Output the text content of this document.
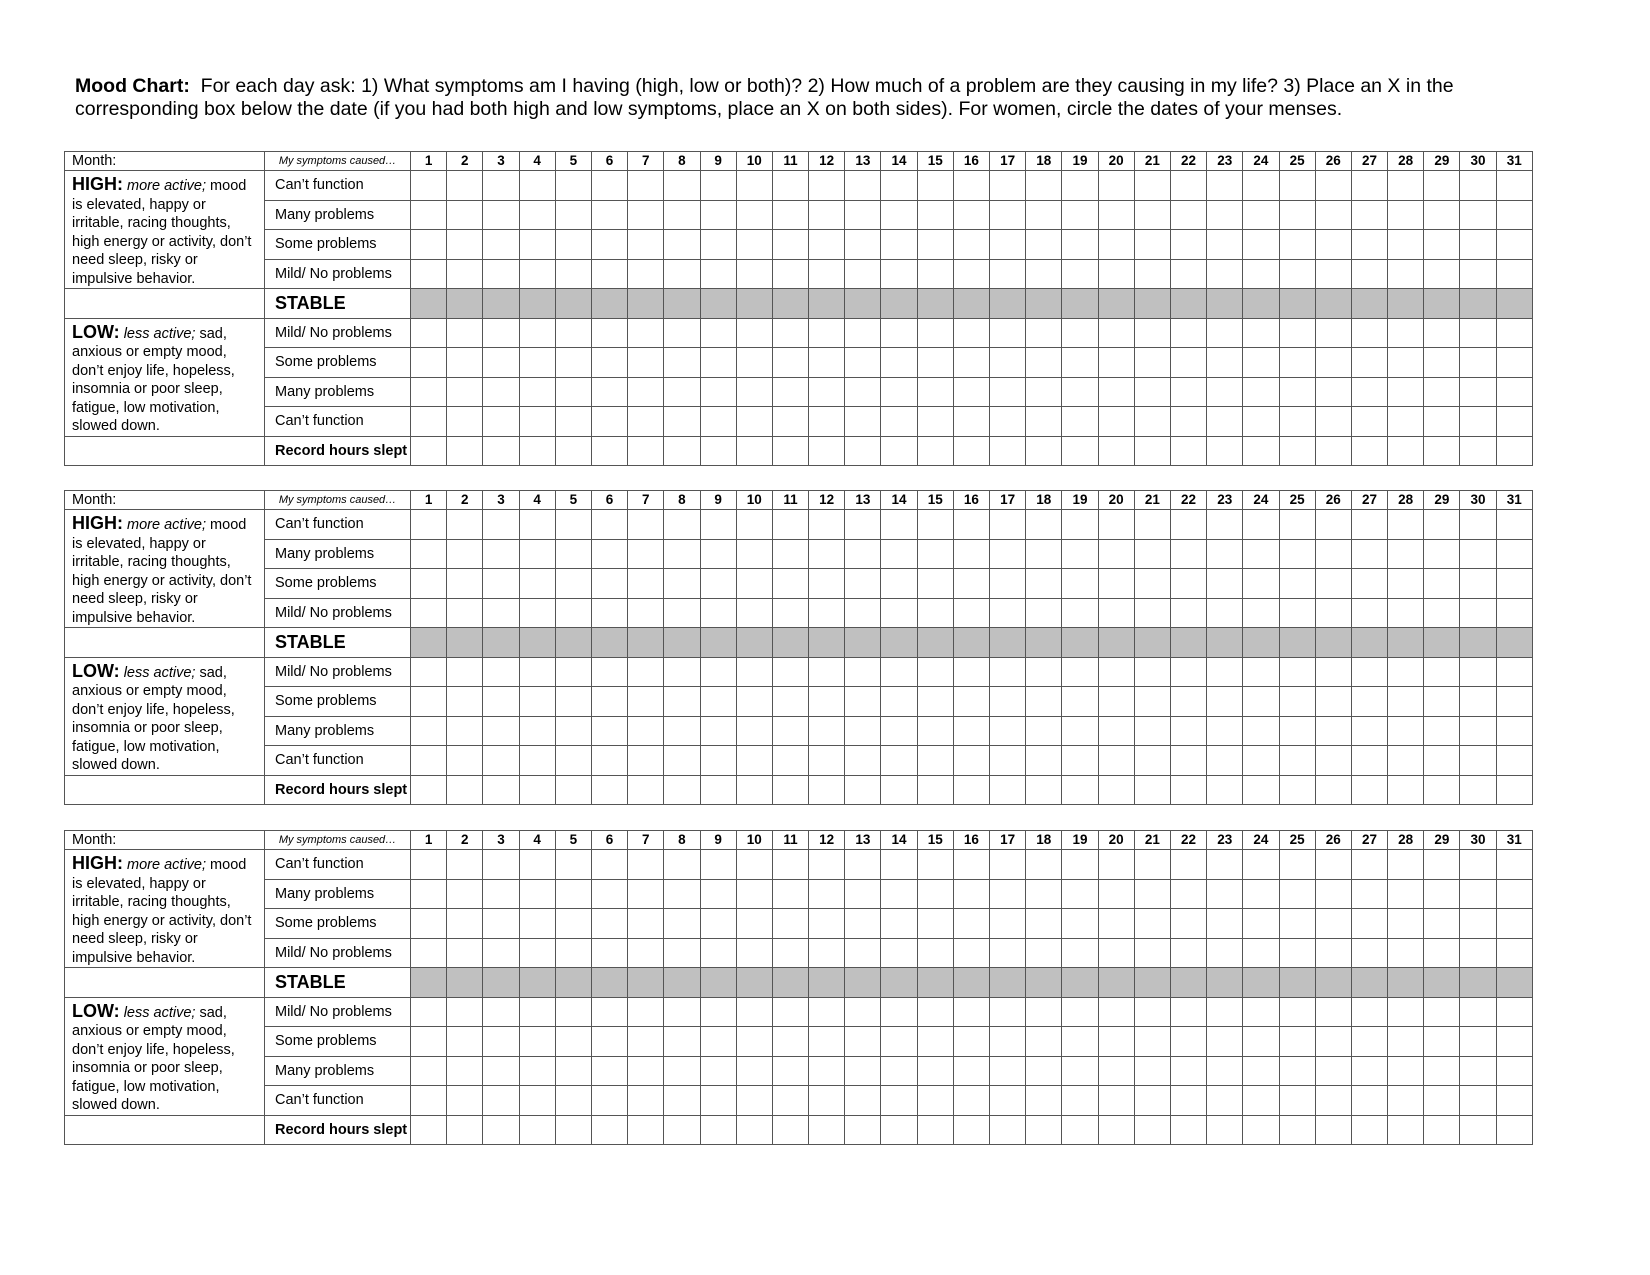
Mood Chart: For each day ask: 1) What symptoms am I having (high, low or both)? 2) How much of a problem are they causing in my life? 3) Place an X in the
corresponding box below the date (if you had both high and low symptoms, place an X on both sides). For women, circle the dates of your menses.
Month:	My symptoms caused…	1	2	3	4	5	6	7	8	9	10	11	12	13	14	15	16	17	18	19	20	21	22	23	24	25	26	27	28	29	30	31
HIGH: more active; mood is elevated, happy or irritable, racing thoughts, high energy or activity, don’t need sleep, risky or impulsive behavior.	Can’t function																															
	Many problems																															
	Some problems																															
	Mild/ No problems																															
	STABLE																															
LOW: less active; sad, anxious or empty mood, don’t enjoy life, hopeless, insomnia or poor sleep, fatigue, low motivation, slowed down.	Mild/ No problems																															
	Some problems																															
	Many problems																															
	Can’t function																															
	Record hours slept																															
Month:	My symptoms caused…	1	2	3	4	5	6	7	8	9	10	11	12	13	14	15	16	17	18	19	20	21	22	23	24	25	26	27	28	29	30	31
HIGH: more active; mood is elevated, happy or irritable, racing thoughts, high energy or activity, don’t need sleep, risky or impulsive behavior.	Can’t function																															
	Many problems																															
	Some problems																															
	Mild/ No problems																															
	STABLE																															
LOW: less active; sad, anxious or empty mood, don’t enjoy life, hopeless, insomnia or poor sleep, fatigue, low motivation, slowed down.	Mild/ No problems																															
	Some problems																															
	Many problems																															
	Can’t function																															
	Record hours slept																															
Month:	My symptoms caused…	1	2	3	4	5	6	7	8	9	10	11	12	13	14	15	16	17	18	19	20	21	22	23	24	25	26	27	28	29	30	31
HIGH: more active; mood is elevated, happy or irritable, racing thoughts, high energy or activity, don’t need sleep, risky or impulsive behavior.	Can’t function																															
	Many problems																															
	Some problems																															
	Mild/ No problems																															
	STABLE																															
LOW: less active; sad, anxious or empty mood, don’t enjoy life, hopeless, insomnia or poor sleep, fatigue, low motivation, slowed down.	Mild/ No problems																															
	Some problems																															
	Many problems																															
	Can’t function																															
	Record hours slept																															
